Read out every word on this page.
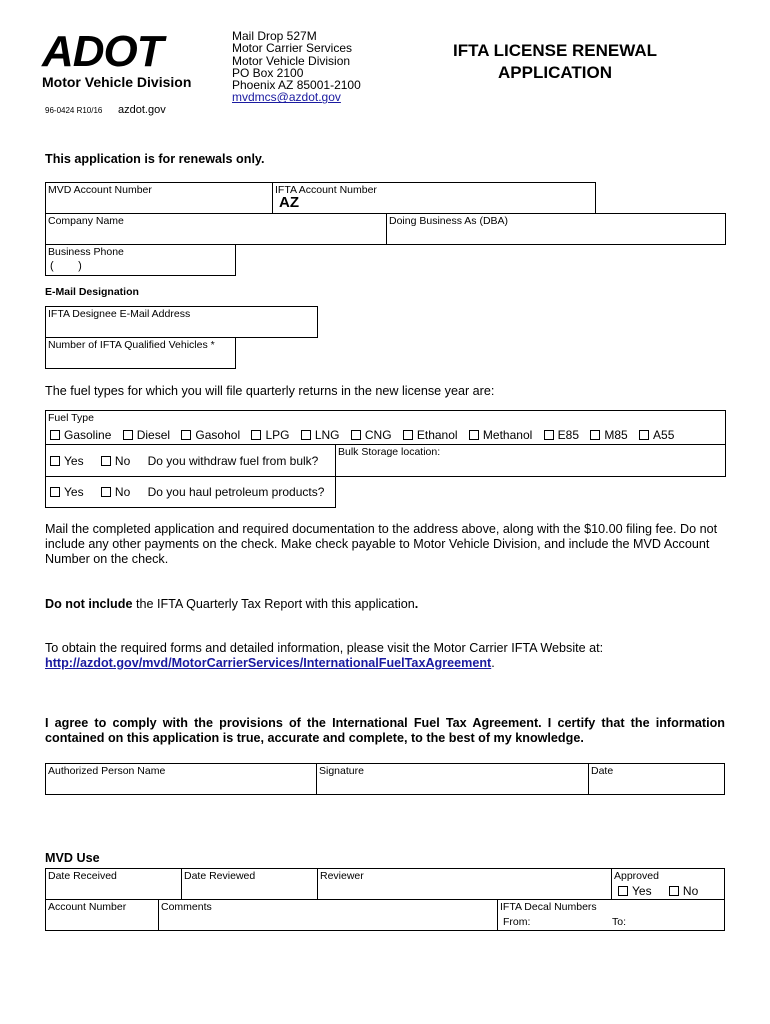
ADOT
Motor Vehicle Division
96-0424 R10/16 azdot.gov
Mail Drop 527M
Motor Carrier Services
Motor Vehicle Division
PO Box 2100
Phoenix AZ 85001-2100
mvdmcs@azdot.gov
IFTA LICENSE RENEWAL
APPLICATION
This application is for renewals only.
MVD Account Number	IFTA Account Number
AZ
Company Name	Doing Business As (DBA)
Business Phone
(        )
E-Mail Designation
IFTA Designee E-Mail Address
Number of IFTA Qualified Vehicles *
The fuel types for which you will file quarterly returns in the new license year are:
Fuel Type
Gasoline Diesel Gasohol LPG LNG CNG Ethanol Methanol E85 M85 A55
Bulk Storage location:
Yes	No Do you withdraw fuel from bulk?
Yes	No Do you haul petroleum products?
Mail the completed application and required documentation to the address above, along with the $10.00 filing fee. Do not include any other payments on the check. Make check payable to Motor Vehicle Division, and include the MVD Account Number on the check.
Do not include the IFTA Quarterly Tax Report with this application.
To obtain the required forms and detailed information, please visit the Motor Carrier IFTA Website at:
http://azdot.gov/mvd/MotorCarrierServices/InternationalFuelTaxAgreement.
I agree to comply with the provisions of the International Fuel Tax Agreement. I certify that the information contained on this application is true, accurate and complete, to the best of my knowledge.
Authorized Person Name	Signature	Date
MVD Use
Date Received	Date Reviewed	Reviewer	Approved
Yes	No
Account Number	Comments	IFTA Decal Numbers
From:	To:
